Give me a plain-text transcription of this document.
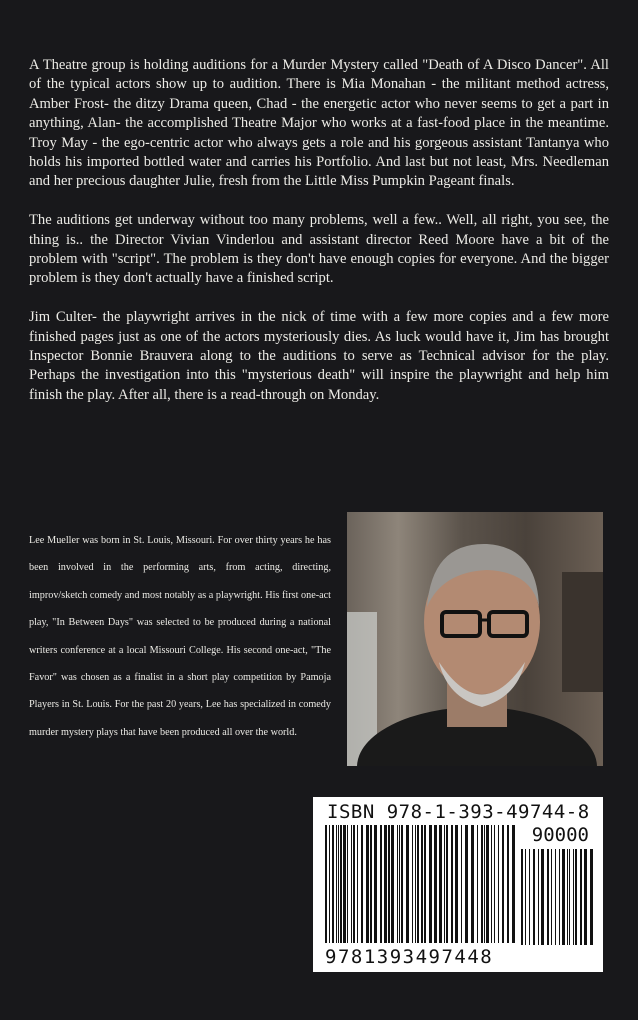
A Theatre group is holding auditions for a Murder Mystery called "Death of A Disco Dancer". All of the typical actors show up to audition. There is Mia Monahan - the militant method actress, Amber Frost- the ditzy Drama queen, Chad - the energetic actor who never seems to get a part in anything, Alan- the accomplished Theatre Major who works at a fast-food place in the meantime. Troy May - the ego-centric actor who always gets a role and his gorgeous assistant Tantanya who holds his imported bottled water and carries his Portfolio. And last but not least, Mrs. Needleman and her precious daughter Julie, fresh from the Little Miss Pumpkin Pageant finals.

The auditions get underway without too many problems, well a few.. Well, all right, you see, the thing is.. the Director Vivian Vinderlou and assistant director Reed Moore have a bit of the problem with "script". The problem is they don't have enough copies for everyone. And the bigger problem is they don't actually have a finished script.

Jim Culter- the playwright arrives in the nick of time with a few more copies and a few more finished pages just as one of the actors mysteriously dies. As luck would have it, Jim has brought Inspector Bonnie Brauvera along to the auditions to serve as Technical advisor for the play. Perhaps the investigation into this "mysterious death" will inspire the playwright and help him finish the play. After all, there is a read-through on Monday.

Lee Mueller was born in St. Louis, Missouri. For over thirty years he has been involved in the performing arts, from acting, directing, improv/sketch comedy and most notably as a playwright. His first one-act play, "In Between Days" was selected to be produced during a national writers conference at a local Missouri College. His second one-act, "The Favor" was chosen as a finalist in a short play competition by Pamoja Players in St. Louis. For the past 20 years, Lee has specialized in comedy murder mystery plays that have been produced all over the world.
ISBN 978-1-393-49744-8
90000
9781393497448
